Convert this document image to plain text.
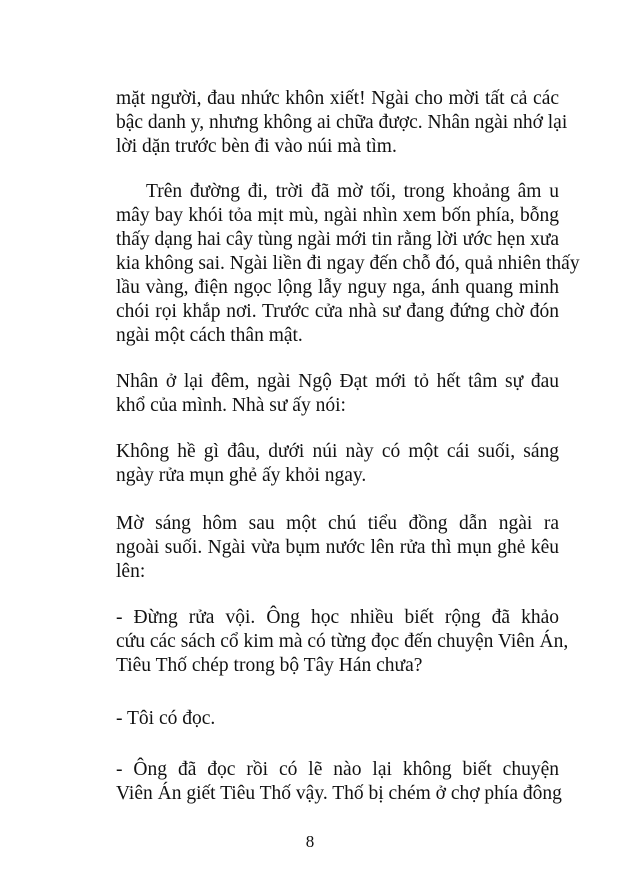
mặt người, đau nhức khôn xiết! Ngài cho mời tất cả các
bậc danh y, nhưng không ai chữa được. Nhân ngài nhớ lại
lời dặn trước bèn đi vào núi mà tìm.
Trên đường đi, trời đã mờ tối, trong khoảng âm u
mây bay khói tỏa mịt mù, ngài nhìn xem bốn phía, bỗng
thấy dạng hai cây tùng ngài mới tin rằng lời ước hẹn xưa
kia không sai. Ngài liền đi ngay đến chỗ đó, quả nhiên thấy
lầu vàng, điện ngọc lộng lẫy nguy nga, ánh quang minh
chói rọi khắp nơi. Trước cửa nhà sư đang đứng chờ đón
ngài một cách thân mật.
Nhân ở lại đêm, ngài Ngộ Đạt mới tỏ hết tâm sự đau
khổ của mình. Nhà sư ấy nói:
Không hề gì đâu, dưới núi này có một cái suối, sáng
ngày rửa mụn ghẻ ấy khỏi ngay.
Mờ sáng hôm sau một chú tiểu đồng dẫn ngài ra
ngoài suối. Ngài vừa bụm nước lên rửa thì mụn ghẻ kêu
lên:
- Đừng rửa vội. Ông học nhiều biết rộng đã khảo
cứu các sách cổ kim mà có từng đọc đến chuyện Viên Án,
Tiêu Thố chép trong bộ Tây Hán chưa?
- Tôi có đọc.
- Ông đã đọc rồi có lẽ nào lại không biết chuyện
Viên Án giết Tiêu Thố vậy. Thố bị chém ở chợ phía đông
8
